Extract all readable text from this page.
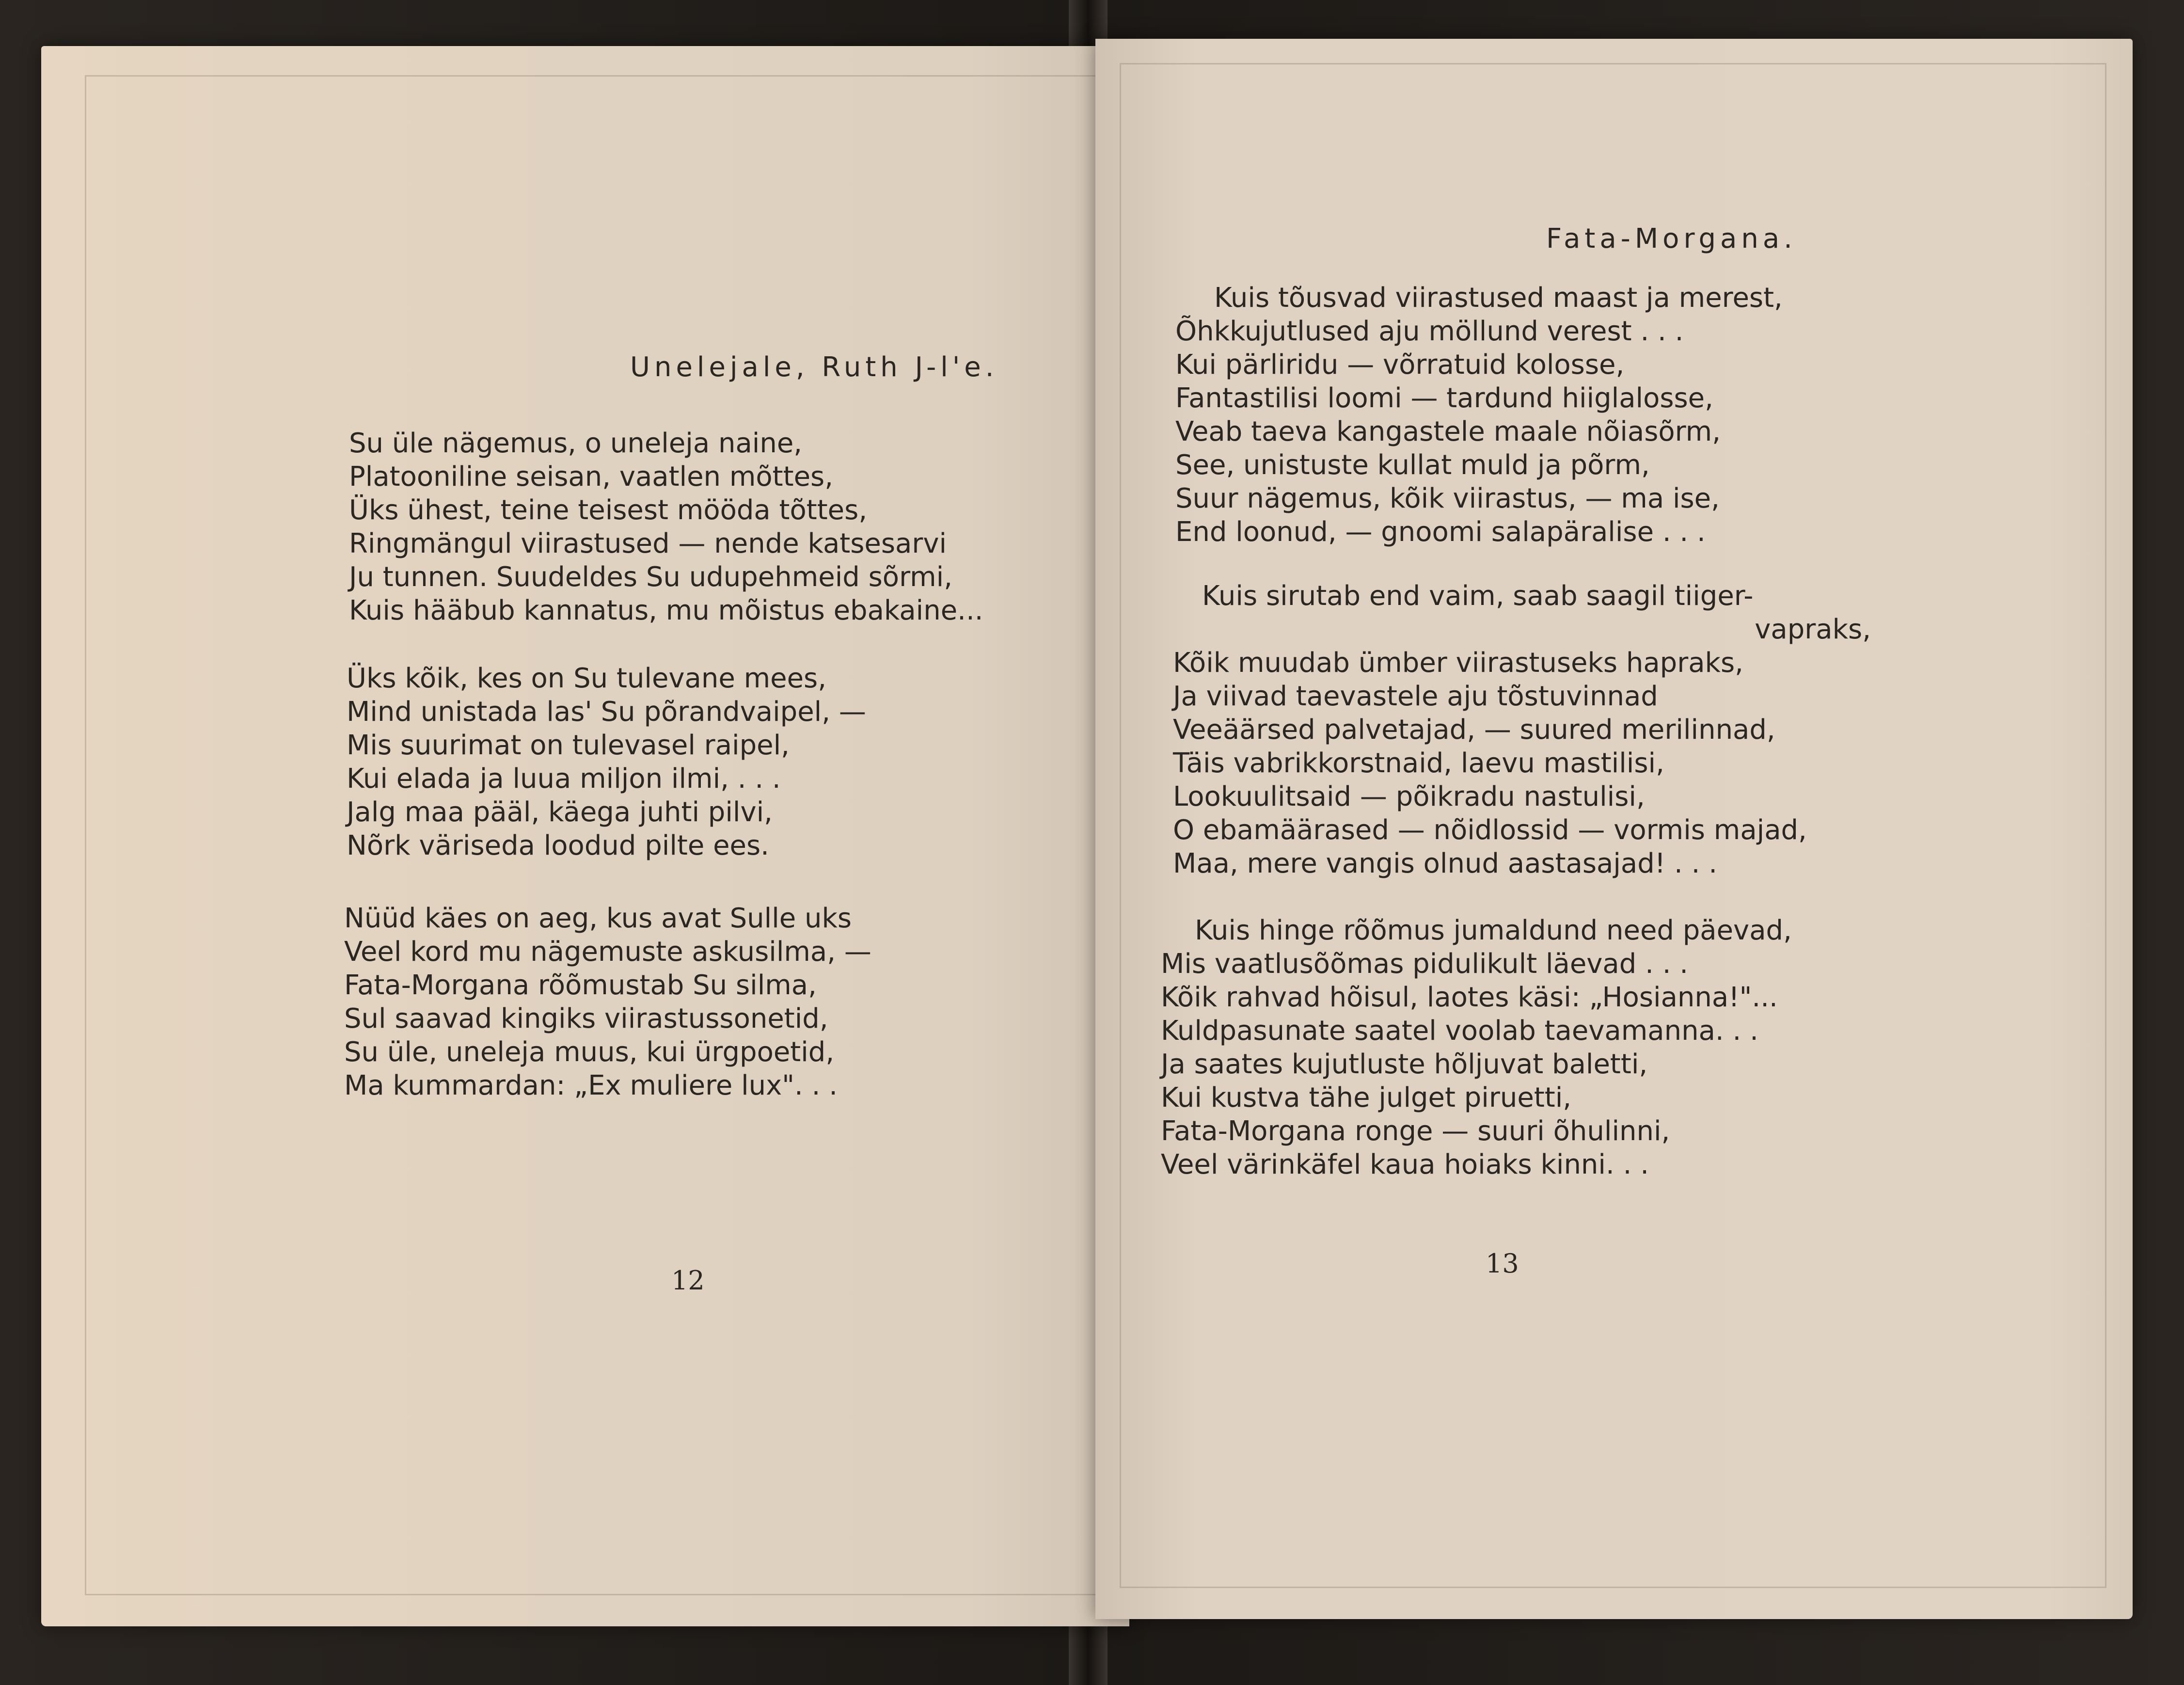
Unelejale, Ruth J-l'e.
Su üle nägemus, o uneleja naine,
Platooniline seisan, vaatlen mõttes,
Üks ühest, teine teisest mööda tõttes,
Ringmängul viirastused — nende katsesarvi
Ju tunnen. Suudeldes Su udupehmeid sõrmi,
Kuis hääbub kannatus, mu mõistus ebakaine...
Üks kõik, kes on Su tulevane mees,
Mind unistada las' Su põrandvaipel, —
Mis suurimat on tulevasel raipel,
Kui elada ja luua miljon ilmi, . . .
Jalg maa pääl, käega juhti pilvi,
Nõrk väriseda loodud pilte ees.
Nüüd käes on aeg, kus avat Sulle uks
Veel kord mu nägemuste askusilma, —
Fata-Morgana rõõmustab Su silma,
Sul saavad kingiks viirastussonetid,
Su üle, uneleja muus, kui ürgpoetid,
Ma kummardan: „Ex muliere lux". . .
12
Fata-Morgana.
Kuis tõusvad viirastused maast ja merest,
Õhkkujutlused aju möllund verest . . .
Kui pärliridu — võrratuid kolosse,
Fantastilisi loomi — tardund hiiglalosse,
Veab taeva kangastele maale nõiasõrm,
See, unistuste kullat muld ja põrm,
Suur nägemus, kõik viirastus, — ma ise,
End loonud, — gnoomi salapäralise . . .
Kuis sirutab end vaim, saab saagil tiiger-
vapraks,
Kõik muudab ümber viirastuseks hapraks,
Ja viivad taevastele aju tõstuvinnad
Veeäärsed palvetajad, — suured merilinnad,
Täis vabrikkorstnaid, laevu mastilisi,
Lookuulitsaid — põikradu nastulisi,
O ebamäärased — nõidlossid — vormis majad,
Maa, mere vangis olnud aastasajad! . . .
Kuis hinge rõõmus jumaldund need päevad,
Mis vaatlusõõmas pidulikult läevad . . .
Kõik rahvad hõisul, laotes käsi: „Hosianna!"...
Kuldpasunate saatel voolab taevamanna. . .
Ja saates kujutluste hõljuvat baletti,
Kui kustva tähe julget piruetti,
Fata-Morgana ronge — suuri õhulinni,
Veel värinkäfel kaua hoiaks kinni. . .
13
